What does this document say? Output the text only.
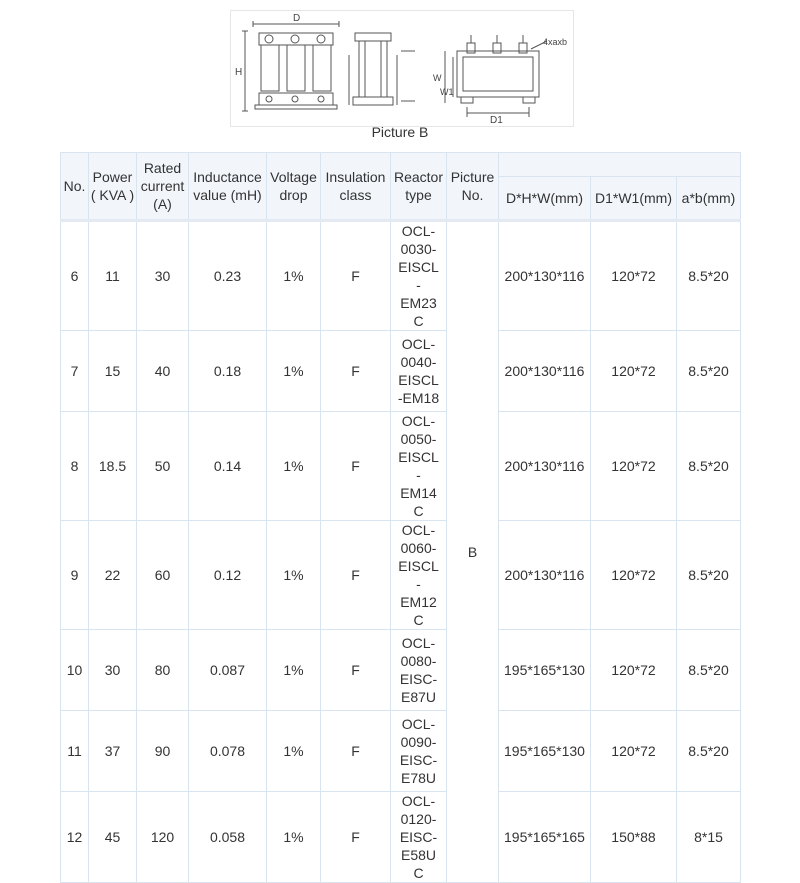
D
H	W
W1
D1
4xaxb
Picture B
No.	Power ( KVA )	Rated current (A)	Inductance value (mH)	Voltage drop	Insulation class	Reactor type	Picture No.			
								D*H*W(mm)	D1*W1(mm)	a*b(mm)
6	11	30	0.23	1%	F	OCL-0030-EISCL-EM23C	B	200*130*116	120*72	8.5*20
7	15	40	0.18	1%	F	OCL-0040-EISCL-EM18		200*130*116	120*72	8.5*20
8	18.5	50	0.14	1%	F	OCL-0050-EISCL-EM14C		200*130*116	120*72	8.5*20
9	22	60	0.12	1%	F	OCL-0060-EISCL-EM12C		200*130*116	120*72	8.5*20
10	30	80	0.087	1%	F	OCL-0080-EISC-E87U		195*165*130	120*72	8.5*20
11	37	90	0.078	1%	F	OCL-0090-EISC-E78U		195*165*130	120*72	8.5*20
12	45	120	0.058	1%	F	OCL-0120-EISC-E58UC		195*165*165	150*88	8*15
